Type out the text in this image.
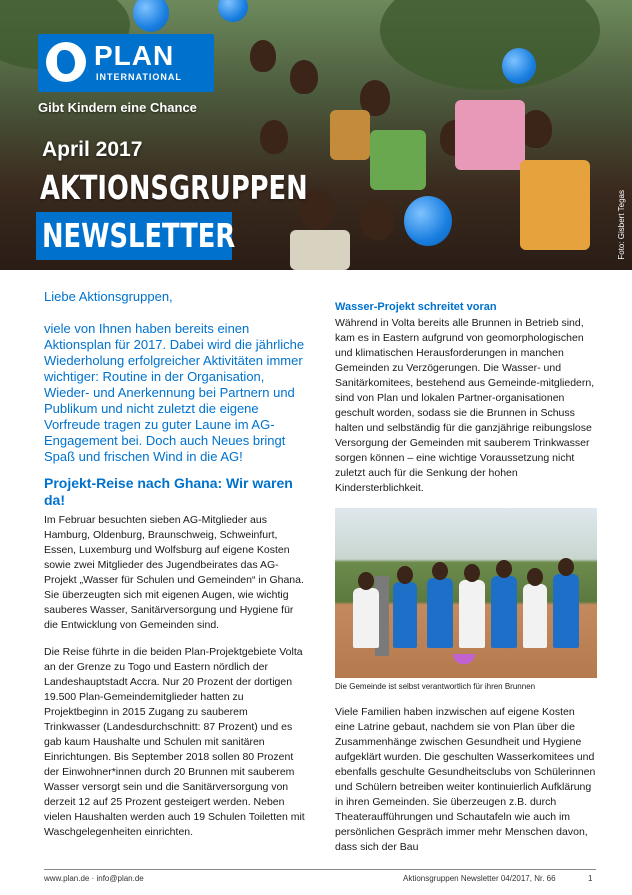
PLAN
INTERNATIONAL
Gibt Kindern eine Chance
April 2017
AKTIONSGRUPPEN
NEWSLETTER	Foto: Gisbert Tegas

Liebe Aktionsgruppen,

viele von Ihnen haben bereits einen Aktionsplan für 2017. Dabei wird die jährliche Wiederholung erfolgreicher Aktivitäten immer wichtiger: Routine in der Organisation, Wieder- und Anerkennung bei Partnern und Publikum und nicht zuletzt die eigene Vorfreude tragen zu guter Laune im AG-Engagement bei. Doch auch Neues bringt Spaß und frischen Wind in die AG!

Projekt-Reise nach Ghana: Wir waren da!

Im Februar besuchten sieben AG-Mitglieder aus Hamburg, Oldenburg, Braunschweig, Schweinfurt, Essen, Luxemburg und Wolfsburg auf eigene Kosten sowie zwei Mitglieder des Jugendbeirates das AG-Projekt „Wasser für Schulen und Gemeinden“ in Ghana. Sie überzeugten sich mit eigenen Augen, wie wichtig sauberes Wasser, Sanitärversorgung und Hygiene für die Entwicklung von Gemeinden sind.

Die Reise führte in die beiden Plan-Projektgebiete Volta an der Grenze zu Togo und Eastern nördlich der Landeshauptstadt Accra. Nur 20 Prozent der dortigen 19.500 Plan-Gemeindemitglieder hatten zu Projektbeginn in 2015 Zugang zu sauberem Trinkwasser (Landesdurchschnitt: 87 Prozent) und es gab kaum Haushalte und Schulen mit sanitären Einrichtungen. Bis September 2018 sollen 80 Prozent der Einwohner*innen durch 20 Brunnen mit sauberem Wasser versorgt sein und die Sanitärversorgung von derzeit 12 auf 25 Prozent gesteigert werden. Neben vielen Haushalten werden auch 19 Schulen Toiletten mit Waschgelegenheiten einrichten.

Wasser-Projekt schreitet voran

Während in Volta bereits alle Brunnen in Betrieb sind, kam es in Eastern aufgrund von geomorphologischen und klimatischen Herausforderungen in manchen Gemeinden zu Verzögerungen. Die Wasser- und Sanitärkomitees, bestehend aus Gemeinde-mitgliedern, sind von Plan und lokalen Partner-organisationen geschult worden, sodass sie die Brunnen in Schuss halten und selbständig für die ganzjährige reibungslose Versorgung der Gemeinden mit sauberem Trinkwasser sorgen können – eine wichtige Voraussetzung nicht zuletzt auch für die Senkung der hohen Kindersterblichkeit.

Die Gemeinde ist selbst verantwortlich für ihren Brunnen

Viele Familien haben inzwischen auf eigene Kosten eine Latrine gebaut, nachdem sie von Plan über die Zusammenhänge zwischen Gesundheit und Hygiene aufgeklärt wurden. Die geschulten Wasserkomitees und ebenfalls geschulte Gesundheitsclubs von Schülerinnen und Schülern betreiben weiter kontinuierlich Aufklärung in ihren Gemeinden. Sie überzeugen z.B. durch Theateraufführungen und Schautafeln wie auch im persönlichen Gespräch immer mehr Menschen davon, dass sich der Bau

www.plan.de · info@plan.de	Aktionsgruppen Newsletter 04/2017, Nr. 66	1
